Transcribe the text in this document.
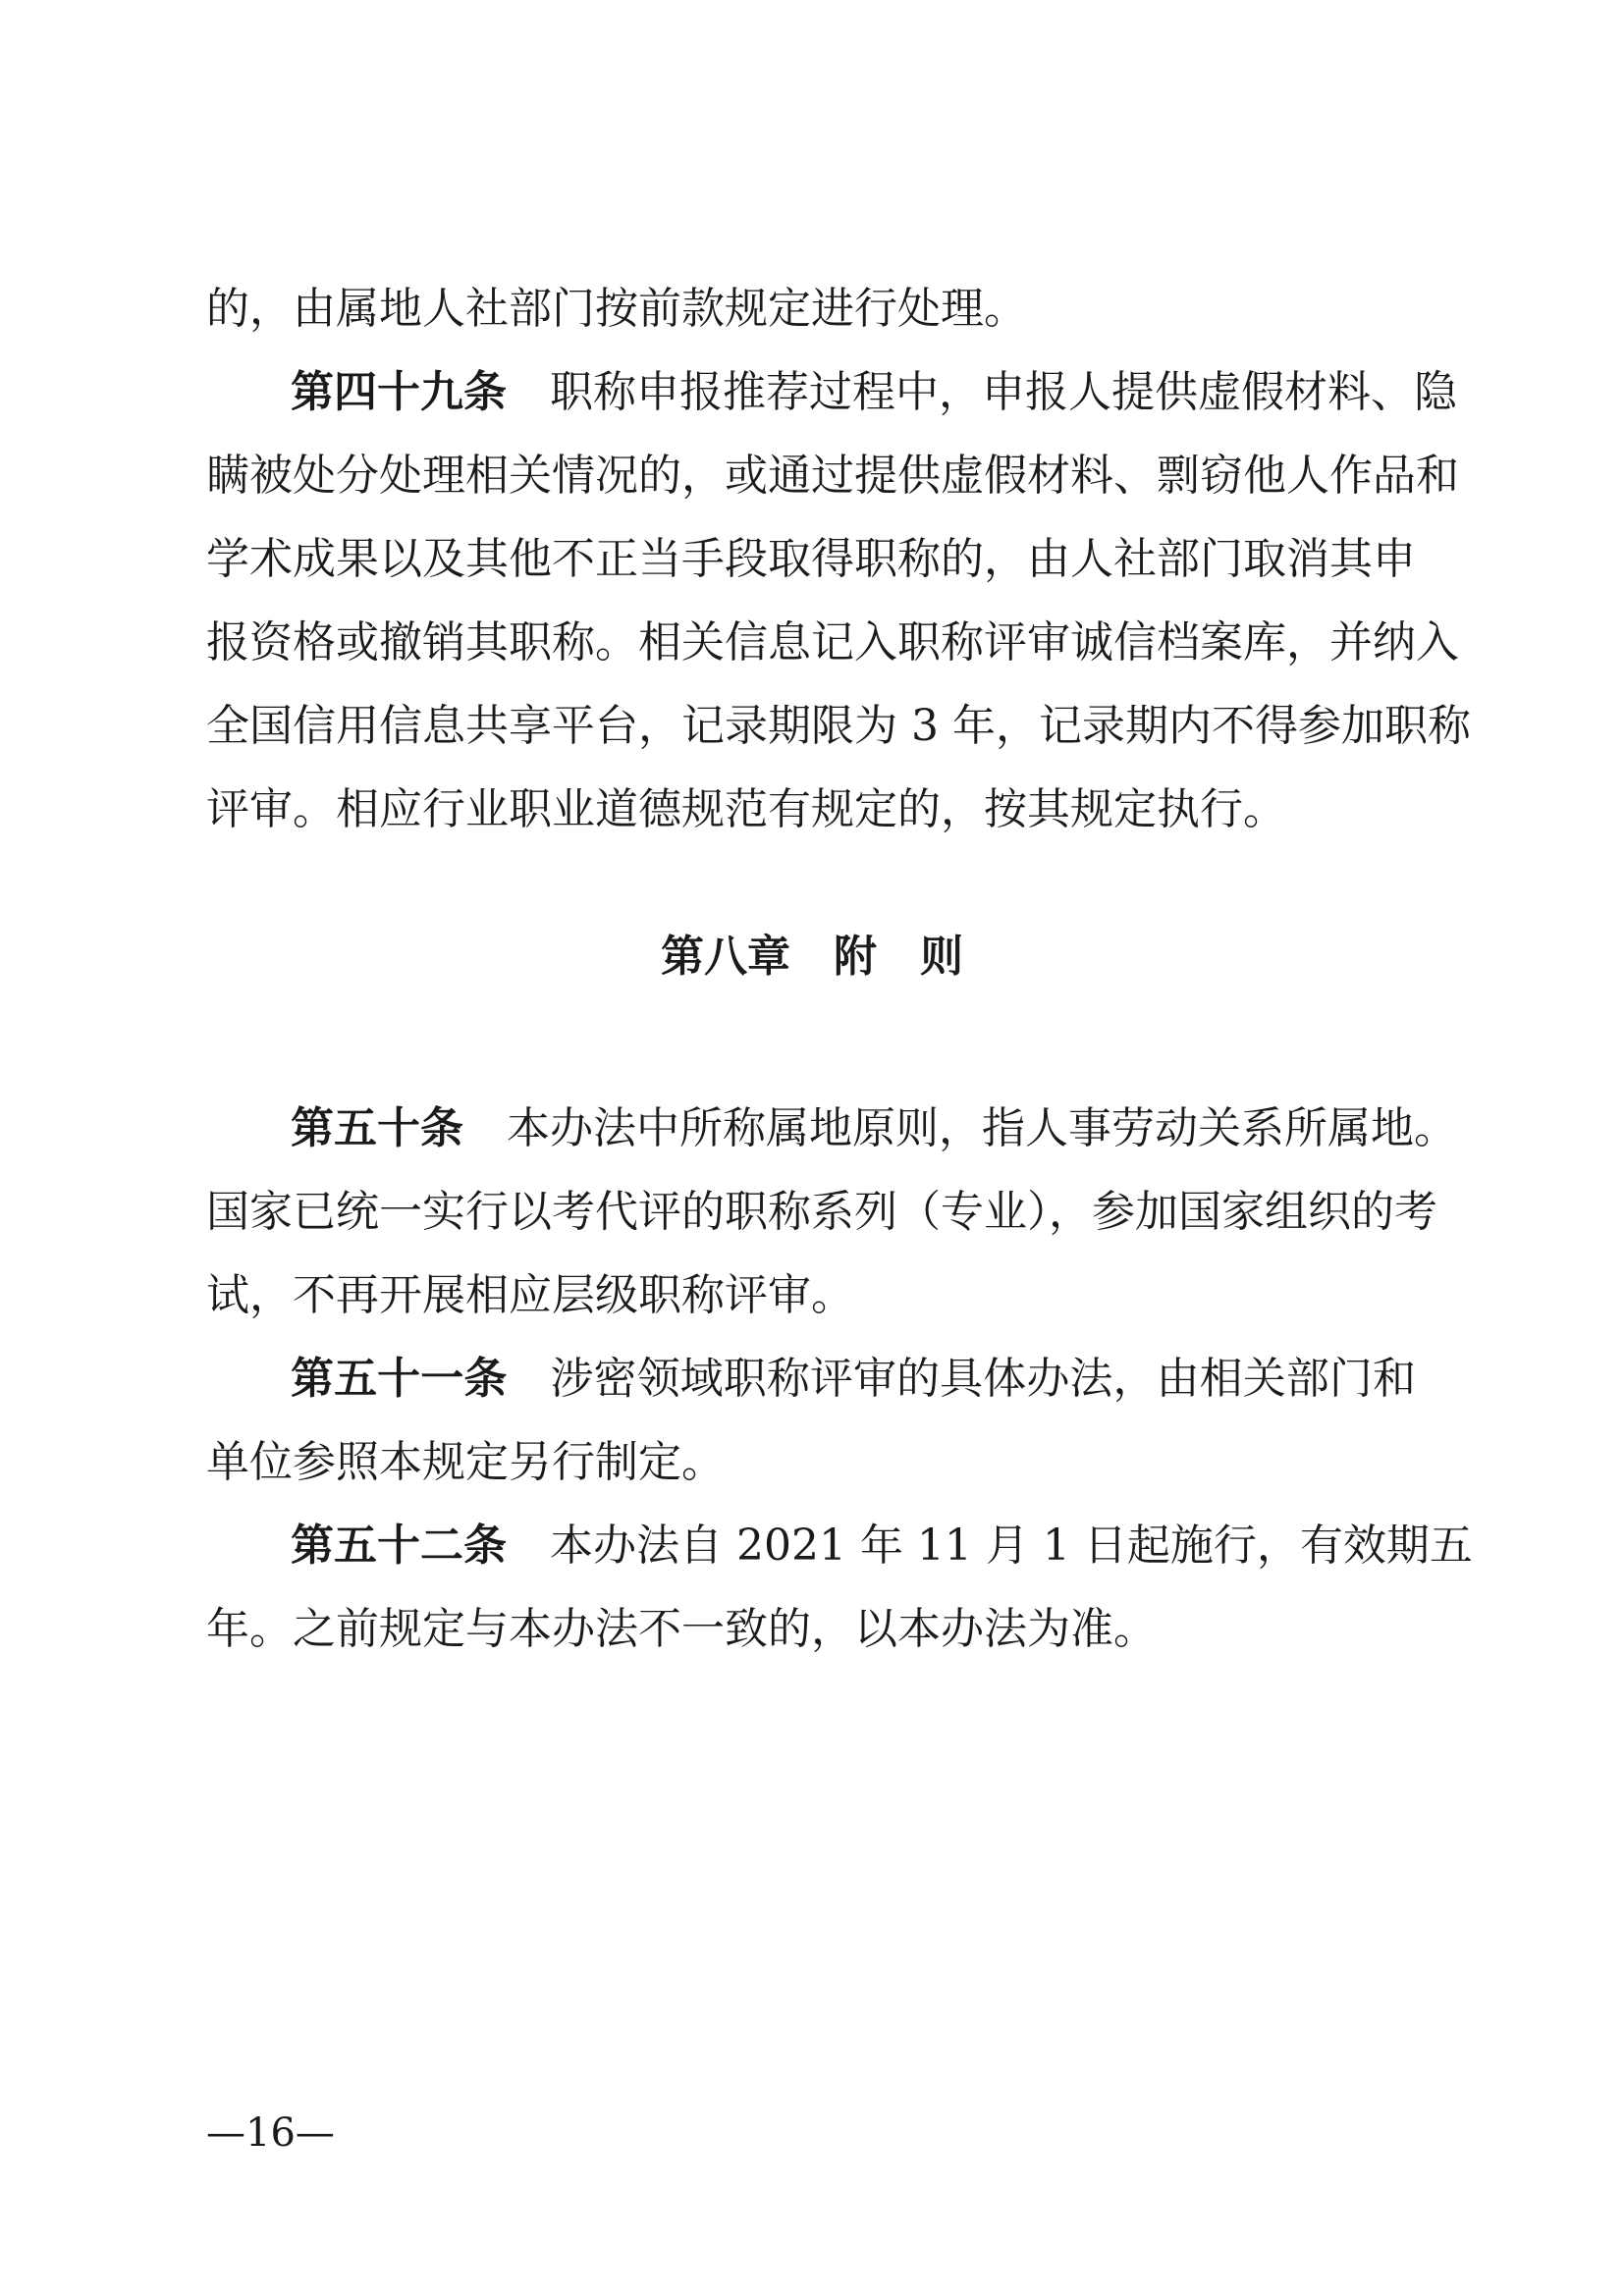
的，由属地人社部门按前款规定进行处理。
第四十九条 职称申报推荐过程中，申报人提供虚假材料、隐
瞒被处分处理相关情况的，或通过提供虚假材料、剽窃他人作品和
学术成果以及其他不正当手段取得职称的，由人社部门取消其申
报资格或撤销其职称。相关信息记入职称评审诚信档案库，并纳入
全国信用信息共享平台，记录期限为 3 年，记录期内不得参加职称
评审。相应行业职业道德规范有规定的，按其规定执行。
第八章　附　则
第五十条 本办法中所称属地原则，指人事劳动关系所属地。
国家已统一实行以考代评的职称系列（专业），参加国家组织的考
试，不再开展相应层级职称评审。
第五十一条 涉密领域职称评审的具体办法，由相关部门和
单位参照本规定另行制定。
第五十二条 本办法自 2021 年 11 月 1 日起施行，有效期五
年。之前规定与本办法不一致的，以本办法为准。
—16—
